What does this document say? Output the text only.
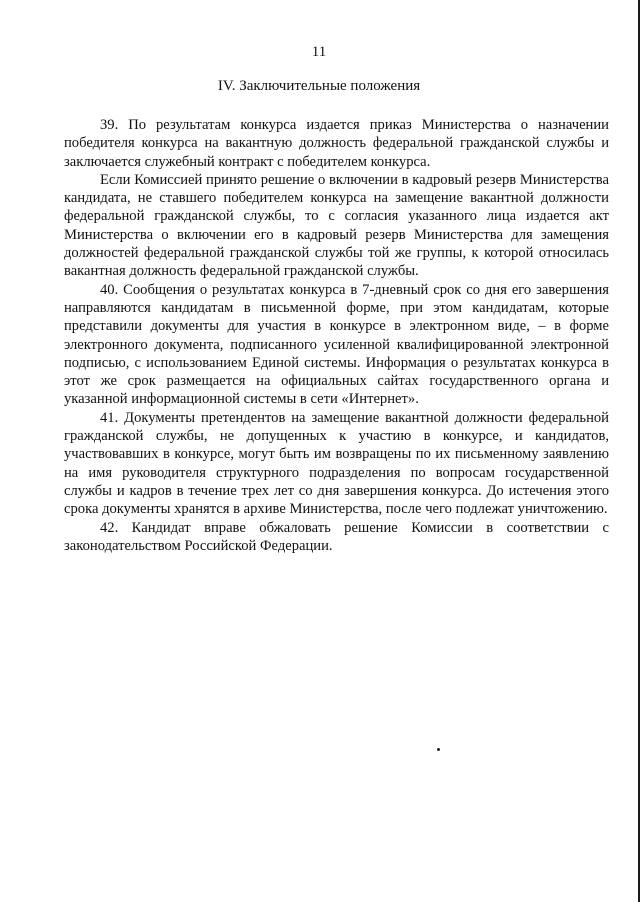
11
IV. Заключительные положения

39. По результатам конкурса издается приказ Министерства о назначении победителя конкурса на вакантную должность федеральной гражданской службы и заключается служебный контракт с победителем конкурса.

Если Комиссией принято решение о включении в кадровый резерв Министерства кандидата, не ставшего победителем конкурса на замещение вакантной должности федеральной гражданской службы, то с согласия указанного лица издается акт Министерства о включении его в кадровый резерв Министерства для замещения должностей федеральной гражданской службы той же группы, к которой относилась вакантная должность федеральной гражданской службы.

40. Сообщения о результатах конкурса в 7-дневный срок со дня его завершения направляются кандидатам в письменной форме, при этом кандидатам, которые представили документы для участия в конкурсе в электронном виде, – в форме электронного документа, подписанного усиленной квалифицированной электронной подписью, с использованием Единой системы. Информация о результатах конкурса в этот же срок размещается на официальных сайтах государственного органа и указанной информационной системы в сети «Интернет».

41. Документы претендентов на замещение вакантной должности федеральной гражданской службы, не допущенных к участию в конкурсе, и кандидатов, участвовавших в конкурсе, могут быть им возвращены по их письменному заявлению на имя руководителя структурного подразделения по вопросам государственной службы и кадров в течение трех лет со дня завершения конкурса. До истечения этого срока документы хранятся в архиве Министерства, после чего подлежат уничтожению.

42. Кандидат вправе обжаловать решение Комиссии в соответствии с законодательством Российской Федерации.
